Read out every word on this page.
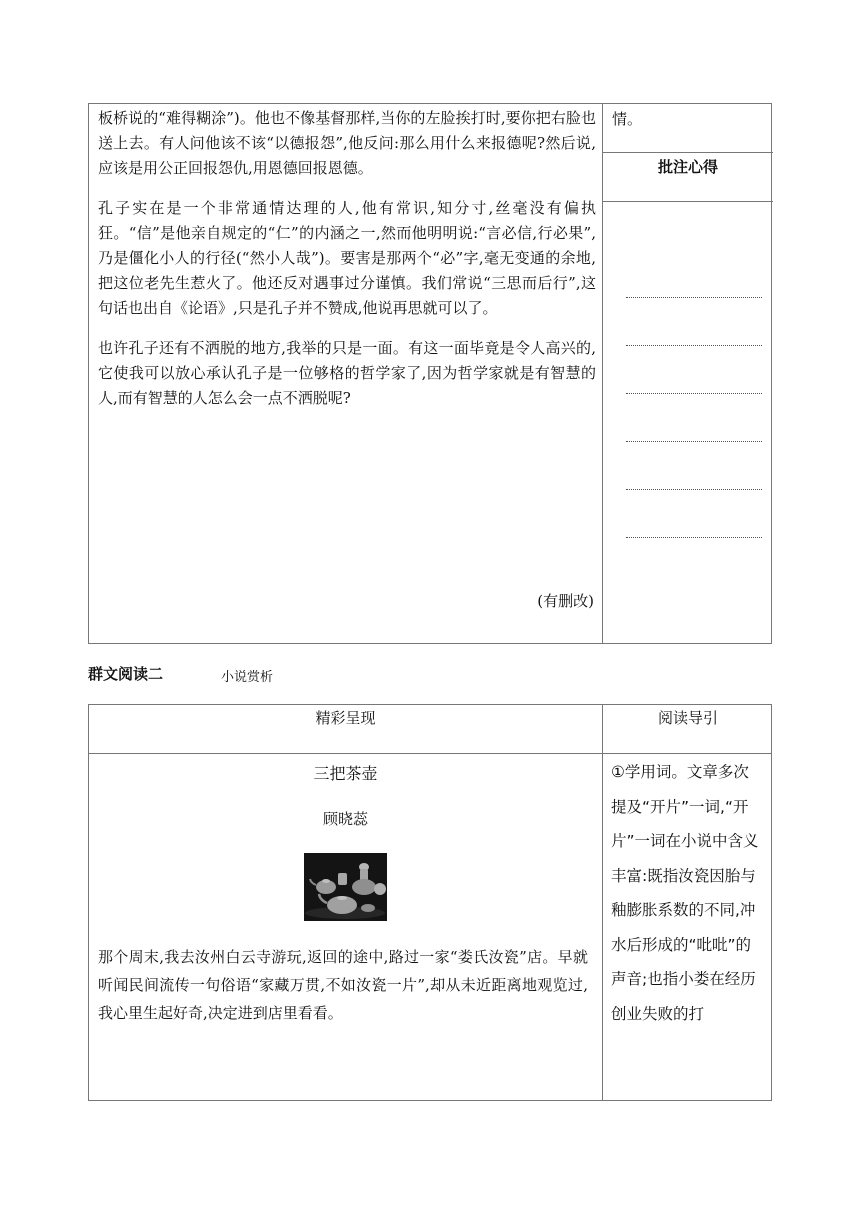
板桥说的“难得糊涂”)。他也不像基督那样,当你的左脸挨打时,要你把右脸也送上去。有人问他该不该“以德报怨”,他反问:那么用什么来报德呢?然后说,应该是用公正回报怨仇,用恩德回报恩德。

孔子实在是一个非常通情达理的人,他有常识,知分寸,丝毫没有偏执狂。“信”是他亲自规定的“仁”的内涵之一,然而他明明说:“言必信,行必果”,乃是僵化小人的行径(“然小人哉”)。要害是那两个“必”字,毫无变通的余地,把这位老先生惹火了。他还反对遇事过分谨慎。我们常说“三思而后行”,这句话也出自《论语》,只是孔子并不赞成,他说再思就可以了。

也许孔子还有不洒脱的地方,我举的只是一面。有这一面毕竟是令人高兴的,它使我可以放心承认孔子是一位够格的哲学家了,因为哲学家就是有智慧的人,而有智慧的人怎么会一点不洒脱呢?

(有删改)
情。
批注心得
群文阅读二	小说赏析
精彩呈现	阅读导引
三把茶壶
顾晓蕊
那个周末,我去汝州白云寺游玩,返回的途中,路过一家“娄氏汝瓷”店。早就听闻民间流传一句俗语“家藏万贯,不如汝瓷一片”,却从未近距离地观览过,我心里生起好奇,决定进到店里看看。
①学用词。文章多次提及“开片”一词,“开片”一词在小说中含义丰富:既指汝瓷因胎与釉膨胀系数的不同,冲水后形成的“吡吡”的声音;也指小娄在经历创业失败的打
